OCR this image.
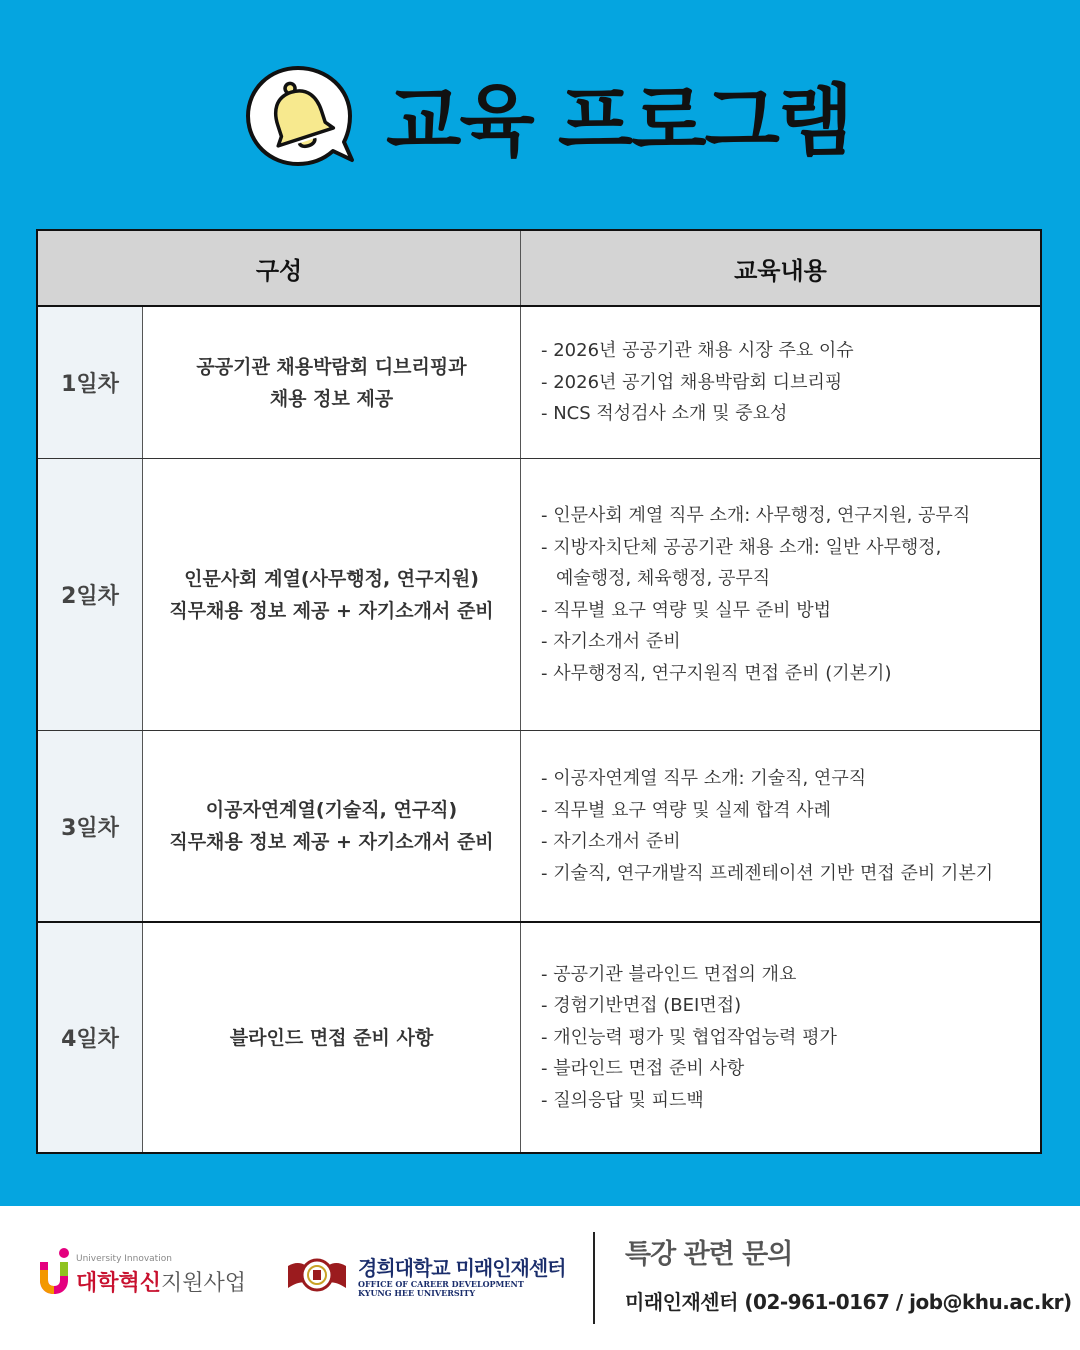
교육 프로그램
구성	교육내용
1일차
공공기관 채용박람회 디브리핑과
채용 정보 제공
- 2026년 공공기관 채용 시장 주요 이슈
- 2026년 공기업 채용박람회 디브리핑
- NCS 적성검사 소개 및 중요성
2일차
인문사회 계열(사무행정, 연구지원)
직무채용 정보 제공 + 자기소개서 준비
- 인문사회 계열 직무 소개: 사무행정, 연구지원, 공무직
- 지방자치단체 공공기관 채용 소개: 일반 사무행정,
예술행정, 체육행정, 공무직
- 직무별 요구 역량 및 실무 준비 방법
- 자기소개서 준비
- 사무행정직, 연구지원직 면접 준비 (기본기)
3일차
이공자연계열(기술직, 연구직)
직무채용 정보 제공 + 자기소개서 준비
- 이공자연계열 직무 소개: 기술직, 연구직
- 직무별 요구 역량 및 실제 합격 사례
- 자기소개서 준비
- 기술직, 연구개발직 프레젠테이션 기반 면접 준비 기본기
4일차	블라인드 면접 준비 사항
- 공공기관 블라인드 면접의 개요
- 경험기반면접 (BEI면접)
- 개인능력 평가 및 협업작업능력 평가
- 블라인드 면접 준비 사항
- 질의응답 및 피드백
University Innovation
대학혁신지원사업
경희대학교 미래인재센터
OFFICE OF CAREER DEVELOPMENT
KYUNG HEE UNIVERSITY
특강 관련 문의
미래인재센터 (02-961-0167 / job@khu.ac.kr)
